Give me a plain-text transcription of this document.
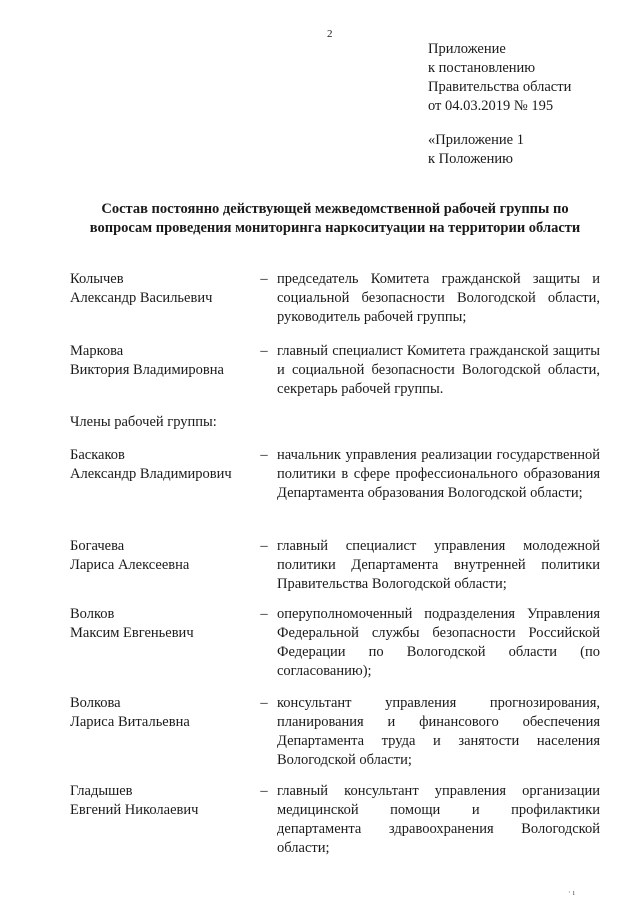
2
Приложение
к постановлению
Правительства области
от 04.03.2019 № 195
«Приложение 1
к Положению
Состав постоянно действующей межведомственной рабочей группы по вопросам проведения мониторинга наркоситуации на территории области
Колычев
Александр Васильевич
– председатель Комитета гражданской защиты и социальной безопасности Вологодской области, руководитель рабочей группы;
Маркова
Виктория Владимировна
– главный специалист Комитета гражданской защиты и социальной безопасности Вологодской области, секретарь рабочей группы.
Члены рабочей группы:
Баскаков
Александр Владимирович
– начальник управления реализации государственной политики в сфере профессионального образования Департамента образования Вологодской области;
Богачева
Лариса Алексеевна
– главный специалист управления молодежной политики Департамента внутренней политики Правительства Вологодской области;
Волков
Максим Евгеньевич
– оперуполномоченный подразделения Управления Федеральной службы безопасности Российской Федерации по Вологодской области (по согласованию);
Волкова
Лариса Витальевна
– консультант управления прогнозирования, планирования и финансового обеспечения Департамента труда и занятости населения Вологодской области;
Гладышев
Евгений Николаевич
– главный консультант управления организации медицинской помощи и профилактики департамента здравоохранения Вологодской области;
· ı
